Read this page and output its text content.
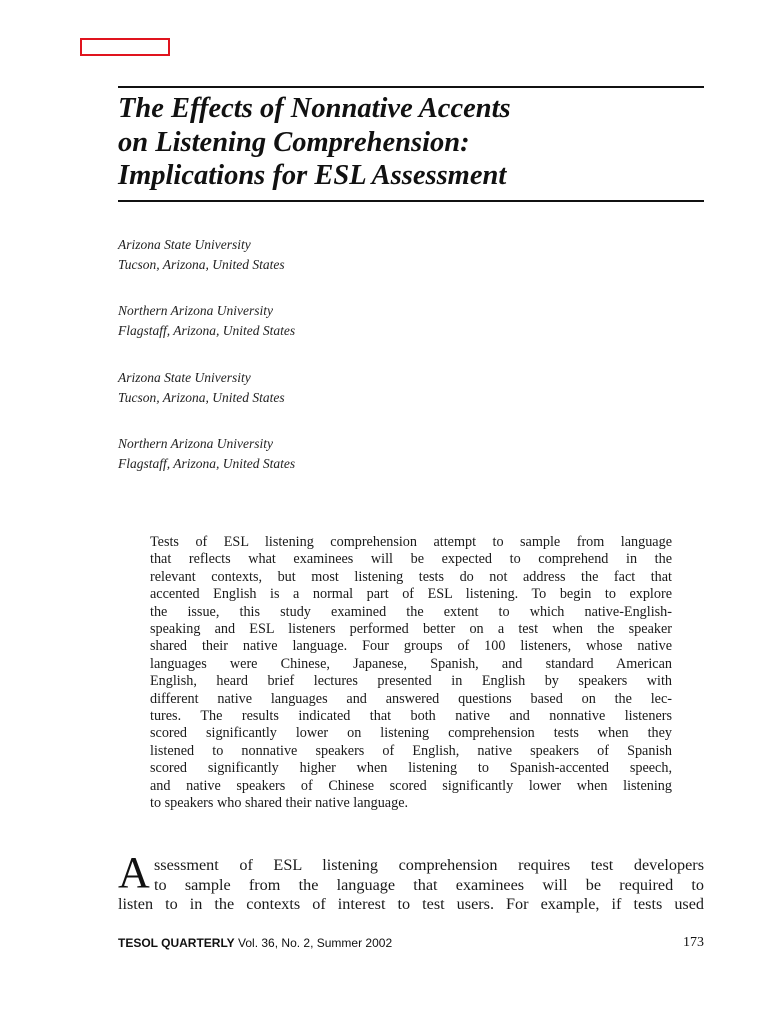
The Effects of Nonnative Accents
on Listening Comprehension:
Implications for ESL Assessment
Arizona State University
Tucson, Arizona, United States
Northern Arizona University
Flagstaff, Arizona, United States
Arizona State University
Tucson, Arizona, United States
Northern Arizona University
Flagstaff, Arizona, United States
Tests of ESL listening comprehension attempt to sample from language
that reflects what examinees will be expected to comprehend in the
relevant contexts, but most listening tests do not address the fact that
accented English is a normal part of ESL listening. To begin to explore
the issue, this study examined the extent to which native-English-
speaking and ESL listeners performed better on a test when the speaker
shared their native language. Four groups of 100 listeners, whose native
languages were Chinese, Japanese, Spanish, and standard American
English, heard brief lectures presented in English by speakers with
different native languages and answered questions based on the lec-
tures. The results indicated that both native and nonnative listeners
scored significantly lower on listening comprehension tests when they
listened to nonnative speakers of English, native speakers of Spanish
scored significantly higher when listening to Spanish-accented speech,
and native speakers of Chinese scored significantly lower when listening
to speakers who shared their native language.
A ssessment of ESL listening comprehension requires test developers
to sample from the language that examinees will be required to
listen to in the contexts of interest to test users. For example, if tests used
TESOL QUARTERLY Vol. 36, No. 2, Summer 2002	173
